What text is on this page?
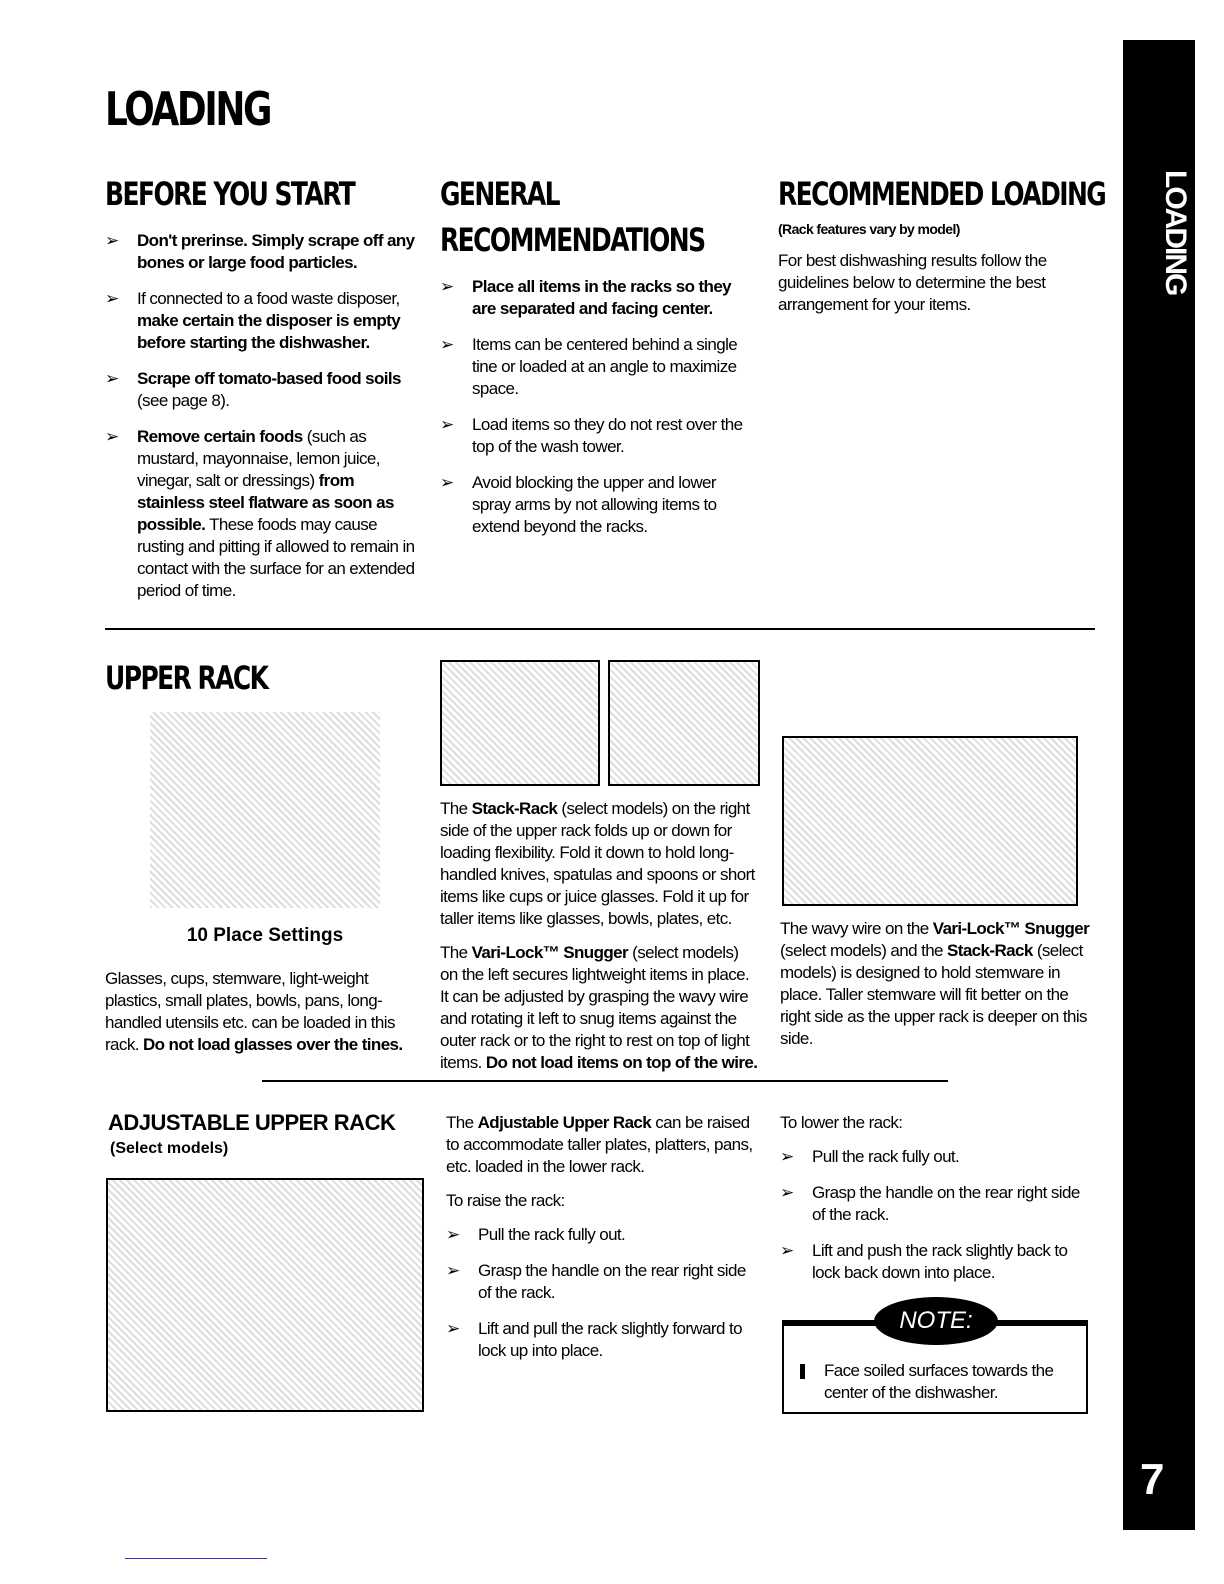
LOADING
BEFORE YOU START
➢ Don't prerinse. Simply scrape off any bones or large food particles.
➢ If connected to a food waste disposer, make certain the disposer is empty before starting the dishwasher.
➢ Scrape off tomato-based food soils (see page 8).
➢ Remove certain foods (such as mustard, mayonnaise, lemon juice, vinegar, salt or dressings) from stainless steel flatware as soon as possible. These foods may cause rusting and pitting if allowed to remain in contact with the surface for an extended period of time.
GENERAL
RECOMMENDATIONS
➢ Place all items in the racks so they are separated and facing center.
➢ Items can be centered behind a single tine or loaded at an angle to maximize space.
➢ Load items so they do not rest over the top of the wash tower.
➢ Avoid blocking the upper and lower spray arms by not allowing items to extend beyond the racks.
RECOMMENDED LOADING

(Rack features vary by model)

For best dishwashing results follow the guidelines below to determine the best arrangement for your items.

UPPER RACK
10 Place Settings
Glasses, cups, stemware, light-weight plastics, small plates, bowls, pans, long-handled utensils etc. can be loaded in this rack. Do not load glasses over the tines.

The Stack-Rack (select models) on the right side of the upper rack folds up or down for loading flexibility. Fold it down to hold long-handled knives, spatulas and spoons or short items like cups or juice glasses. Fold it up for taller items like glasses, bowls, plates, etc.

The Vari-Lock™ Snugger (select models) on the left secures lightweight items in place. It can be adjusted by grasping the wavy wire and rotating it left to snug items against the outer rack or to the right to rest on top of light items. Do not load items on top of the wire.

The wavy wire on the Vari-Lock™ Snugger (select models) and the Stack-Rack (select models) is designed to hold stemware in place. Taller stemware will fit better on the right side as the upper rack is deeper on this side.
ADJUSTABLE UPPER RACK
(Select models)

The Adjustable Upper Rack can be raised to accommodate taller plates, platters, pans, etc. loaded in the lower rack.

To raise the rack:

➢ Pull the rack fully out.
➢ Grasp the handle on the rear right side of the rack.
➢ Lift and pull the rack slightly forward to lock up into place.

To lower the rack:

➢ Pull the rack fully out.
➢ Grasp the handle on the rear right side of the rack.
➢ Lift and push the rack slightly back to lock back down into place.
Face soiled surfaces towards the center of the dishwasher.
NOTE:
LOADING
7
